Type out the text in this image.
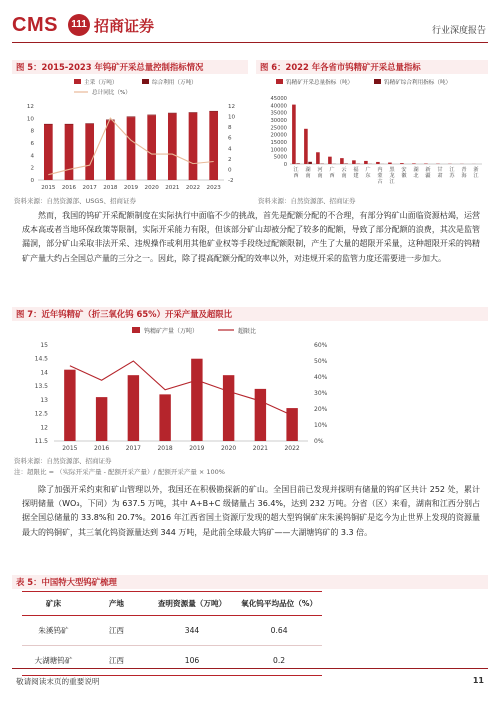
CMS	111 招商证券	行业深度报告
图 5：2015-2023 年钨矿开采总量控制指标情况
主采（万吨）	综合利用（万吨）
总计同比（%）
0
2
4
6
8
10
12
-2
0
2
4
6
8
10
12
2015 2016 2017 2018 2019 2020 2021 2022 2023
资料来源：自然资源部、USGS、招商证券
图 6：2022 年各省市钨精矿开采总量指标
钨精矿开采总量指标（吨）	钨精矿综合利用指标（吨）
0
5000
10000
15000
20000
25000
30000
35000
40000
45000
江西
湖南
河南
广西
云南
福建
广东
内蒙古
黑龙江
安徽
湖北
新疆
甘肃
江苏
青海
浙江
资料来源：自然资源部、招商证券

然而，我国的钨矿开采配额制度在实际执行中面临不少的挑战，首先是配额分配的不合理，有部分钨矿山面临资源枯竭，运营成本高或者当地环保政策等限制，实际开采能力有限，但该部分矿山却被分配了较多的配额，导致了部分配额的浪费，其次是监管漏洞，部分矿山采取非法开采、违规操作或利用其他矿业权等手段绕过配额限制，产生了大量的超限开采量，这种超限开采的钨精矿产量大约占全国总产量的三分之一。因此，除了提高配额分配的效率以外，对违规开采的监管力度还需要进一步加大。

图 7：近年钨精矿（折三氧化钨 65%）开采产量及超限比
钨精矿产量（万吨）	超限比
11.5
12
12.5
13
13.5
14
14.5
15
0%
10%
20%
30%
40%
50%
60%
2015	2016	2017	2018	2019	2020	2021	2022
资料来源：自然资源部、招商证券
注：超限比 = （实际开采产量 - 配额开采产量）/ 配额开采产量 × 100%

除了加强开采约束和矿山管理以外，我国还在积极勘探新的矿山。全国目前已发现并探明有储量的钨矿区共计 252 处，累计探明储量（WO₃，下同）为 637.5 万吨，其中 A+B+C 级储量占 36.4%，达到 232 万吨。分省（区）来看，湖南和江西分别占据全国总储量的 33.8%和 20.7%。2016 年江西省国土资源厅发现的超大型钨铜矿床朱溪钨铜矿是迄今为止世界上发现的资源量最大的钨铜矿，其三氧化钨资源量达到 344 万吨，是此前全球最大钨矿——大湖塘钨矿的 3.3 倍。

表 5：中国特大型钨矿梳理
矿床	产地	查明资源量（万吨）	氧化钨平均品位（%）
朱溪钨矿	江西	344	0.64
大湖塘钨矿	江西	106	0.2
敬请阅读末页的重要说明	11
